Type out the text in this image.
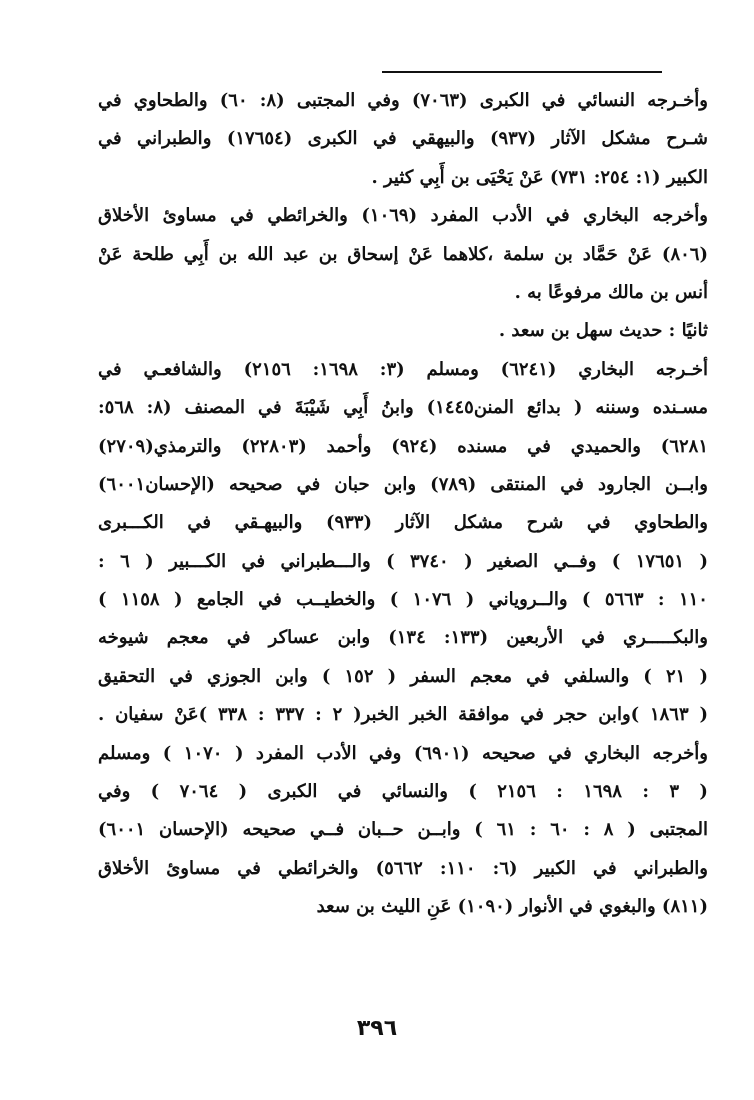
وأخـرجه النسائي في الكبرى (٧٠٦٣) وفي المجتبى (٨: ٦٠) والطحاوي في
شـرح مشكل الآثار (٩٣٧) والبيهقي في الكبرى (١٧٦٥٤) والطبراني في
الكبير (١: ٢٥٤: ٧٣١) عَنْ يَحْيَى بن أَبِي كثير .
وأخرجه البخاري في الأدب المفرد (١٠٦٩) والخرائطي في مساوئ الأخلاق
(٨٠٦) عَنْ حَمَّاد بن سلمة ،كلاهما عَنْ إسحاق بن عبد الله بن أَبِي طلحة عَنْ
أنس بن مالك مرفوعًا به .
ثانيًا : حديث سهل بن سعد .
أخـرجه البخاري (٦٢٤١) ومسلم (٣: ١٦٩٨: ٢١٥٦) والشافعـي في
مسـنده وسننه ( بدائع المنن١٤٤٥) وابنُ أَبِي شَيْبَةَ في المصنف (٨: ٥٦٨:
٦٢٨١) والحميدي في مسنده (٩٢٤) وأحمد (٢٢٨٠٣) والترمذي(٢٧٠٩)
وابــن الجارود في المنتقى (٧٨٩) وابن حبان في صحيحه (الإحسان٦٠٠١)
والطحاوي في شرح مشكل الآثار (٩٣٣) والبيهـقي في الكـــبرى
( ١٧٦٥١ ) وفــي الصغير ( ٣٧٤٠ ) والـــطبراني في الكـــبير ( ٦ :
١١٠ : ٥٦٦٣ ) والــروياني ( ١٠٧٦ ) والخطيــب في الجامع ( ١١٥٨ )
والبكـــــري في الأربعين (١٣٣: ١٣٤) وابن عساكر في معجم شيوخه
( ٢١ ) والسلفي في معجم السفر ( ١٥٢ ) وابن الجوزي في التحقيق
( ١٨٦٣ )وابن حجر في موافقة الخبر الخبر( ٢ : ٣٣٧ : ٣٣٨ )عَنْ سفيان .
وأخرجه البخاري في صحيحه (٦٩٠١) وفي الأدب المفرد ( ١٠٧٠ ) ومسلم
( ٣ : ١٦٩٨ : ٢١٥٦ ) والنسائي في الكبرى ( ٧٠٦٤ ) وفي
المجتبى ( ٨ : ٦٠ : ٦١ ) وابــن حــبان فــي صحيحه (الإحسان ٦٠٠١)
والطبراني في الكبير (٦: ١١٠: ٥٦٦٢) والخرائطي في مساوئ الأخلاق
(٨١١) والبغوي في الأنوار (١٠٩٠) عَنِ الليث بن سعد
٣٩٦
